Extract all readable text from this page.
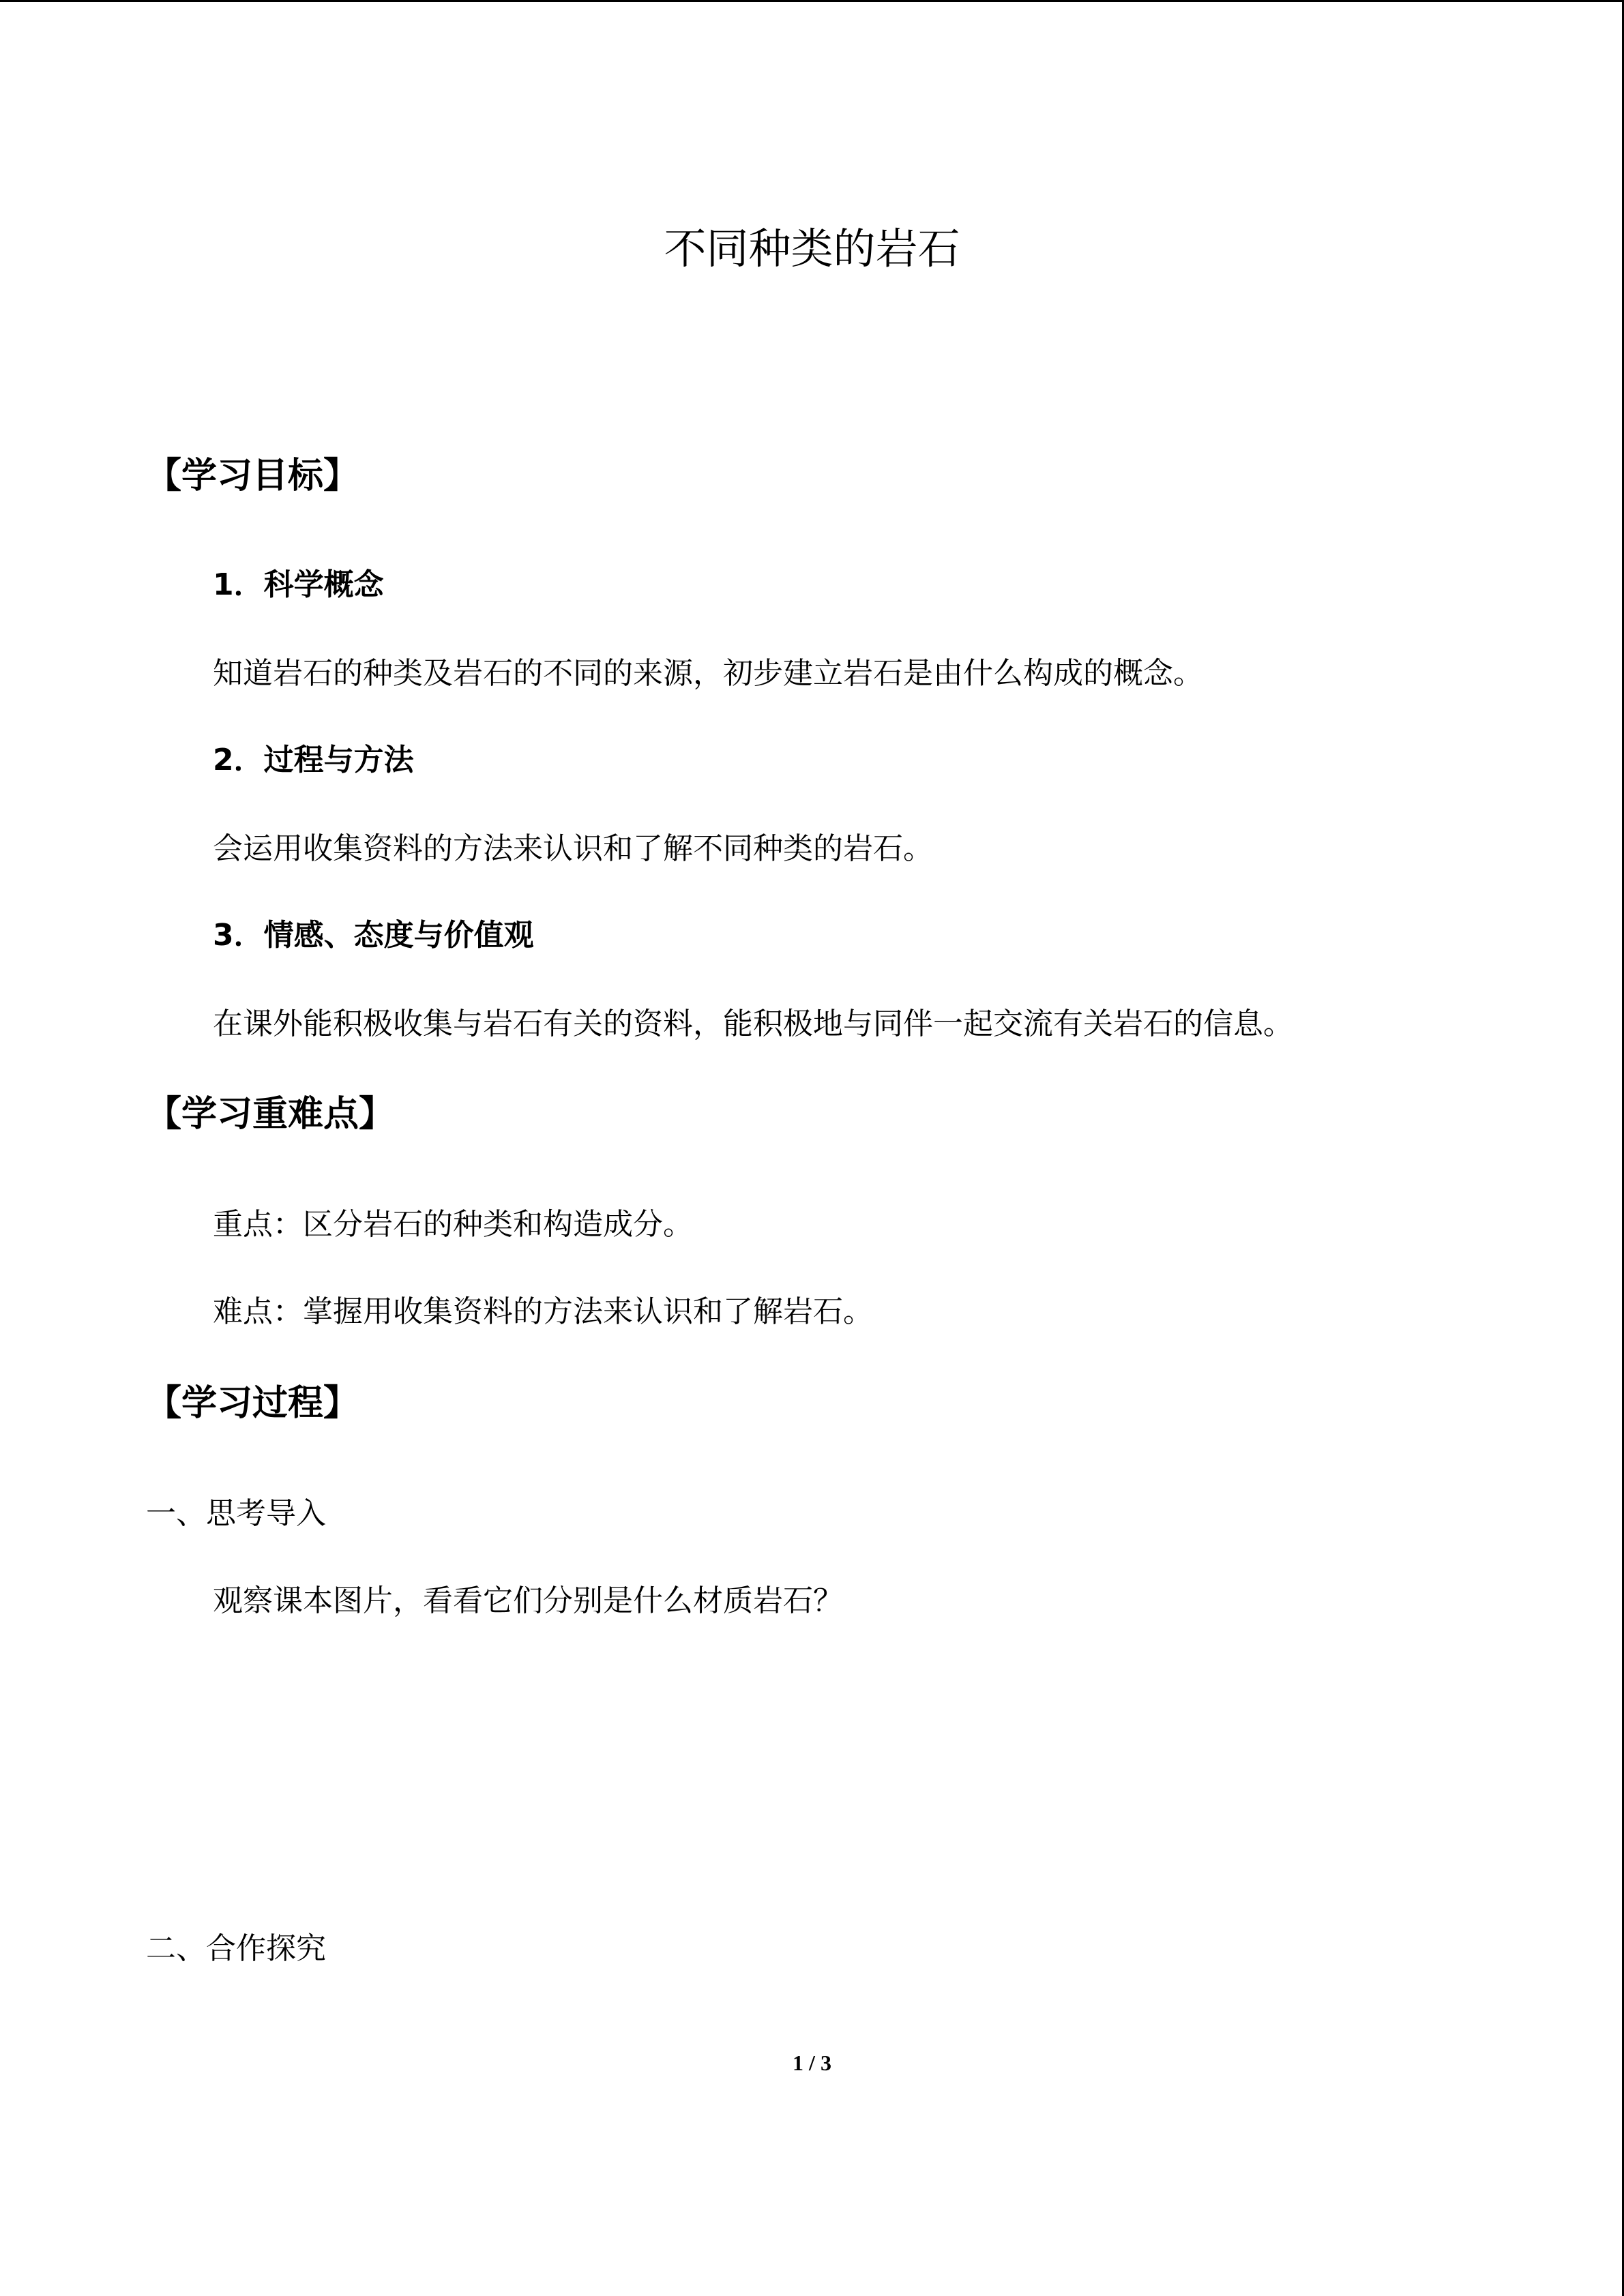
不同种类的岩石
【学习目标】
1．科学概念
知道岩石的种类及岩石的不同的来源，初步建立岩石是由什么构成的概念。
2．过程与方法
会运用收集资料的方法来认识和了解不同种类的岩石。
3．情感、态度与价值观
在课外能积极收集与岩石有关的资料，能积极地与同伴一起交流有关岩石的信息。
【学习重难点】
重点：区分岩石的种类和构造成分。
难点：掌握用收集资料的方法来认识和了解岩石。
【学习过程】
一、思考导入
观察课本图片，看看它们分别是什么材质岩石？
二、合作探究
1 / 3
